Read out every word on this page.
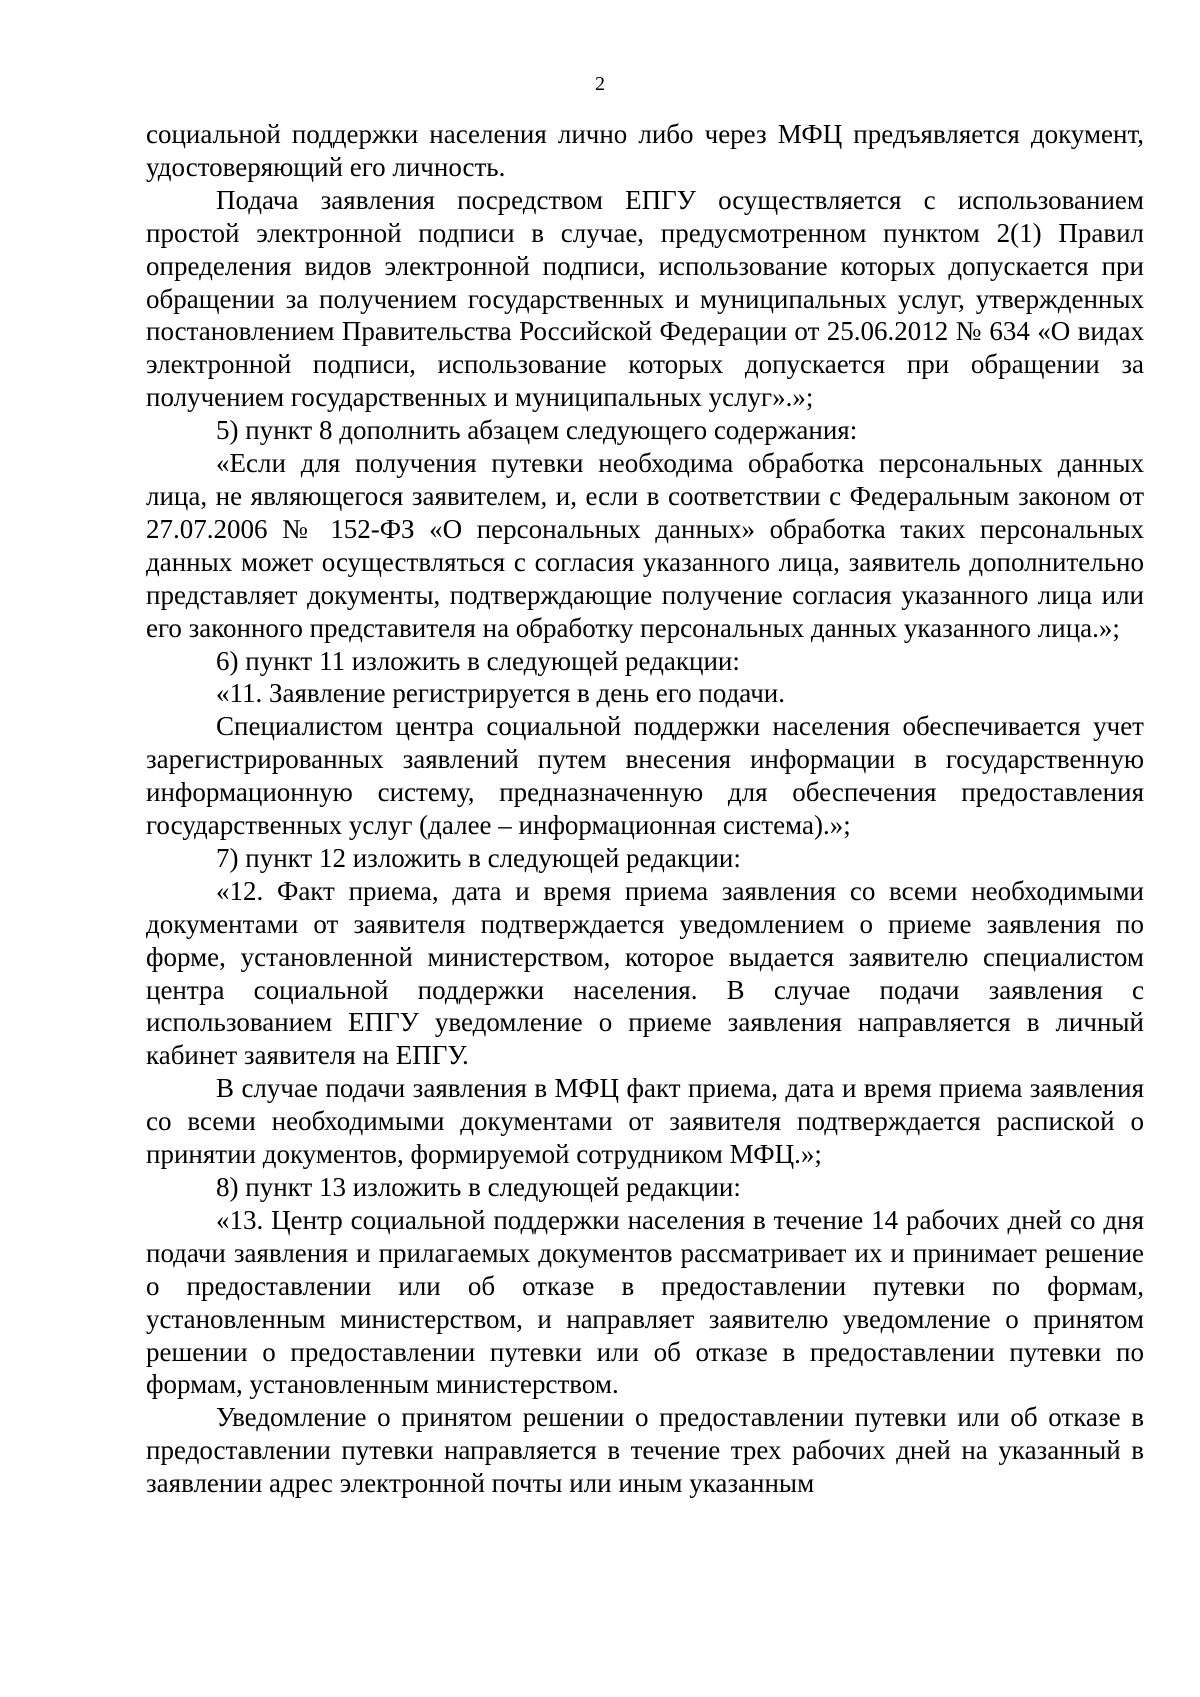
2

социальной поддержки населения лично либо через МФЦ предъявляется документ, удостоверяющий его личность.

Подача заявления посредством ЕПГУ осуществляется с использованием простой электронной подписи в случае, предусмотренном пунктом 2(1) Правил определения видов электронной подписи, использование которых допускается при обращении за получением государственных и муниципальных услуг, утвержденных постановлением Правительства Российской Федерации от 25.06.2012 № 634 «О видах электронной подписи, использование которых допускается при обращении за получением государственных и муниципальных услуг».»;

5) пункт 8 дополнить абзацем следующего содержания:

«Если для получения путевки необходима обработка персональных данных лица, не являющегося заявителем, и, если в соответствии с Федеральным законом от 27.07.2006 № 152-ФЗ «О персональных данных» обработка таких персональных данных может осуществляться с согласия указанного лица, заявитель дополнительно представляет документы, подтверждающие получение согласия указанного лица или его законного представителя на обработку персональных данных указанного лица.»;

6) пункт 11 изложить в следующей редакции:

«11. Заявление регистрируется в день его подачи.

Специалистом центра социальной поддержки населения обеспечивается учет зарегистрированных заявлений путем внесения информации в государственную информационную систему, предназначенную для обеспечения предоставления государственных услуг (далее – информационная система).»;

7) пункт 12 изложить в следующей редакции:

«12. Факт приема, дата и время приема заявления со всеми необходимыми документами от заявителя подтверждается уведомлением о приеме заявления по форме, установленной министерством, которое выдается заявителю специалистом центра социальной поддержки населения. В случае подачи заявления с использованием ЕПГУ уведомление о приеме заявления направляется в личный кабинет заявителя на ЕПГУ.

В случае подачи заявления в МФЦ факт приема, дата и время приема заявления со всеми необходимыми документами от заявителя подтверждается распиской о принятии документов, формируемой сотрудником МФЦ.»;

8) пункт 13 изложить в следующей редакции:

«13. Центр социальной поддержки населения в течение 14 рабочих дней со дня подачи заявления и прилагаемых документов рассматривает их и принимает решение о предоставлении или об отказе в предоставлении путевки по формам, установленным министерством, и направляет заявителю уведомление о принятом решении о предоставлении путевки или об отказе в предоставлении путевки по формам, установленным министерством.

Уведомление о принятом решении о предоставлении путевки или об отказе в предоставлении путевки направляется в течение трех рабочих дней на указанный в заявлении адрес электронной почты или иным указанным
